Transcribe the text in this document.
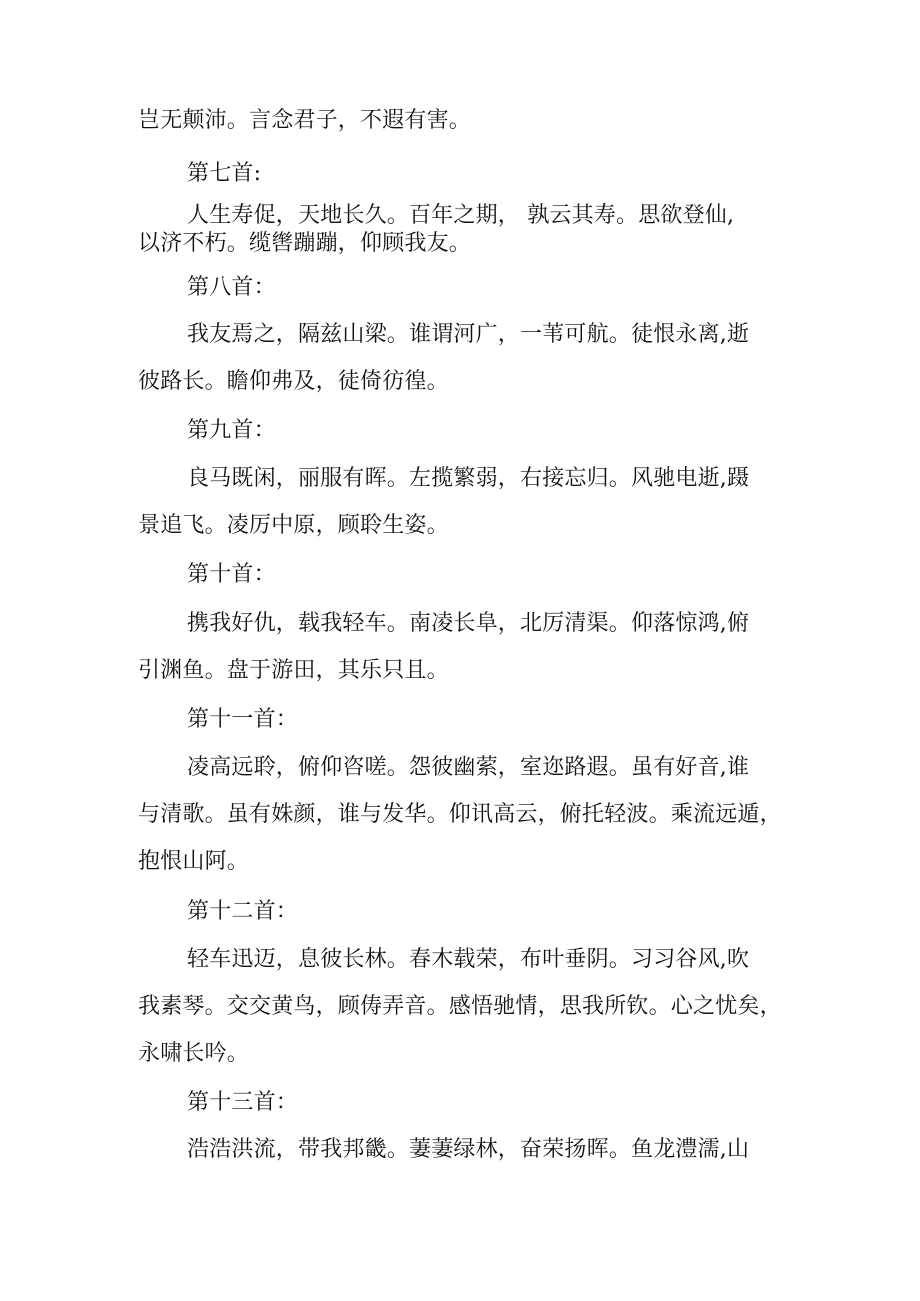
岂无颠沛。言念君子，不遐有害。
第七首:
人生寿促，天地长久。百年之期， 孰云其寿。思欲登仙,
以济不朽。缆辔蹦蹦，仰顾我友。
第八首：
我友焉之，隔兹山梁。谁谓河广，一苇可航。徒恨永离,逝
彼路长。瞻仰弗及，徒倚彷徨。
第九首：
良马既闲，丽服有晖。左揽繁弱，右接忘归。风驰电逝,蹑
景追飞。凌厉中原，顾聆生姿。
第十首：
携我好仇，载我轻车。南凌长阜，北厉清渠。仰落惊鸿,俯
引渊鱼。盘于游田，其乐只且。
第十一首：
凌高远聆，俯仰咨嗟。怨彼幽萦，室迩路遐。虽有好音,谁
与清歌。虽有姝颜，谁与发华。仰讯高云，俯托轻波。乘流远遁，
抱恨山阿。
第十二首：
轻车迅迈，息彼长林。春木载荣，布叶垂阴。习习谷风,吹
我素琴。交交黄鸟，顾俦弄音。感悟驰情，思我所钦。心之忧矣，
永啸长吟。
第十三首：
浩浩洪流，带我邦畿。萋萋绿林，奋荣扬晖。鱼龙澧濡,山
